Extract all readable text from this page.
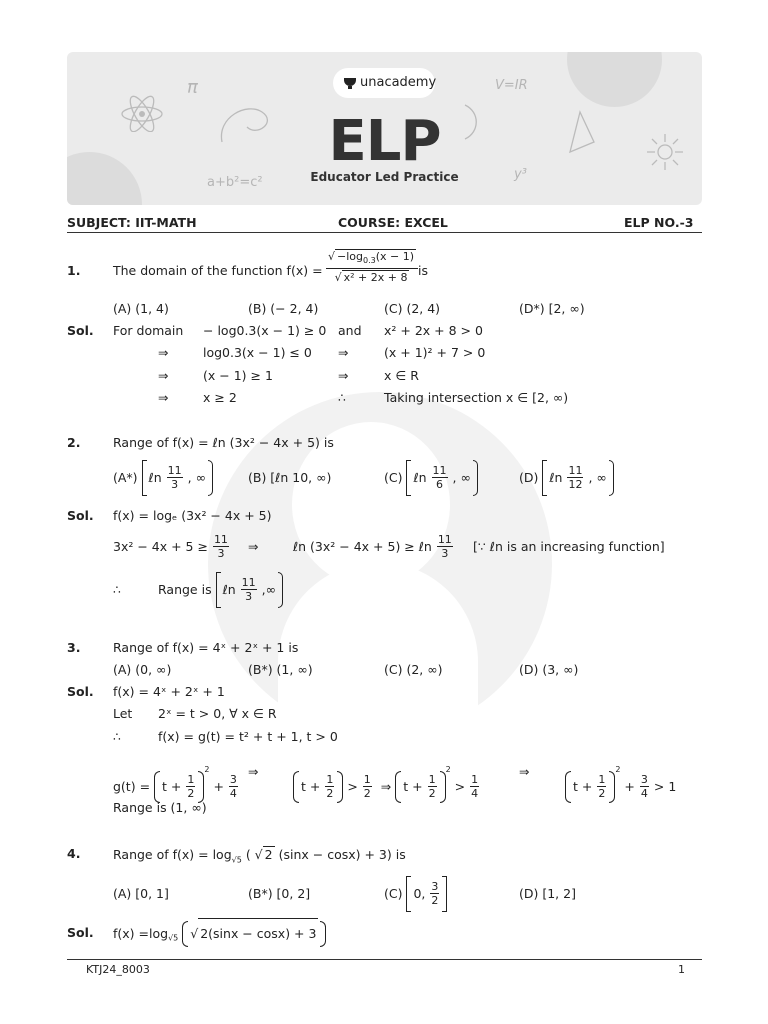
π	V=IR
a+b²=c²
y³
unacademy
ELP
Educator Led Practice
SUBJECT: IIT-MATH	COURSE: EXCEL	ELP NO.-3
1.	The domain of the function f(x) =
√ $-\log_{0.3}(x - 1)$
√ x² + 2x + 8 is
(A) (1, 4)	(B) (− 2, 4)	(C) (2, 4)	(D*) [2, ∞)
Sol. For domain − log0.3(x − 1) ≥ 0 and x² + 2x + 8 > 0
⇒	log0.3(x − 1) ≤ 0 ⇒	(x + 1)² + 7 > 0
⇒	(x − 1) ≥ 1	⇒	x ∈ R
⇒	x ≥ 2	∴	Taking intersection x ∈ [2, ∞)
2.	Range of f(x) = ℓn (3x² − 4x + 5) is
(A*) ℓn $\frac{11}{3}$ , ∞	(B) [ℓn 10, ∞)	(C) ℓn $\frac{11}{6}$ , ∞	(D) ℓn $\frac{11}{12}$ , ∞
Sol. f(x) = logₑ (3x² − 4x + 5)
$3x^2 - 4x + 5 \ge \frac{11}{3}$ ⇒	ℓn (3x² − 4x + 5) ≥ ℓn $\frac{11}{3}$ [∵ ℓn is an increasing function]
∴	Range is ℓn $\frac{11}{3}$ ,∞
3.	Range of f(x) = 4ˣ + 2ˣ + 1 is
(A) (0, ∞)	(B*) (1, ∞)	(C) (2, ∞)	(D) (3, ∞)
Sol. f(x) = 4ˣ + 2ˣ + 1
Let 2ˣ = t > 0, ∀ x ∈ R
∴	f(x) = g(t) = t² + t + 1, t > 0
$g(t) = t + \frac{1}{2}$
$^2 + \frac{3}{4}$
⇒
$t + \frac{1}{2} > \frac{1}{2}$ ⇒ $t + \frac{1}{2}$
$^2 > \frac{1}{4}$
⇒
$t + \frac{1}{2}$
$^2 + \frac{3}{4} > 1$
Range is (1, ∞)
4.	Range of $f(x) = \log_{√5}$ ( √ 2 (sinx − cosx) + 3) is
(A) [0, 1]	(B*) [0, 2]	(C) 0, $\frac{3}{2}$	(D) [1, 2]
Sol. $f(x) =\log_{√5}$ √ 2(sinx − cosx) + 3
KTJ24_8003	1
